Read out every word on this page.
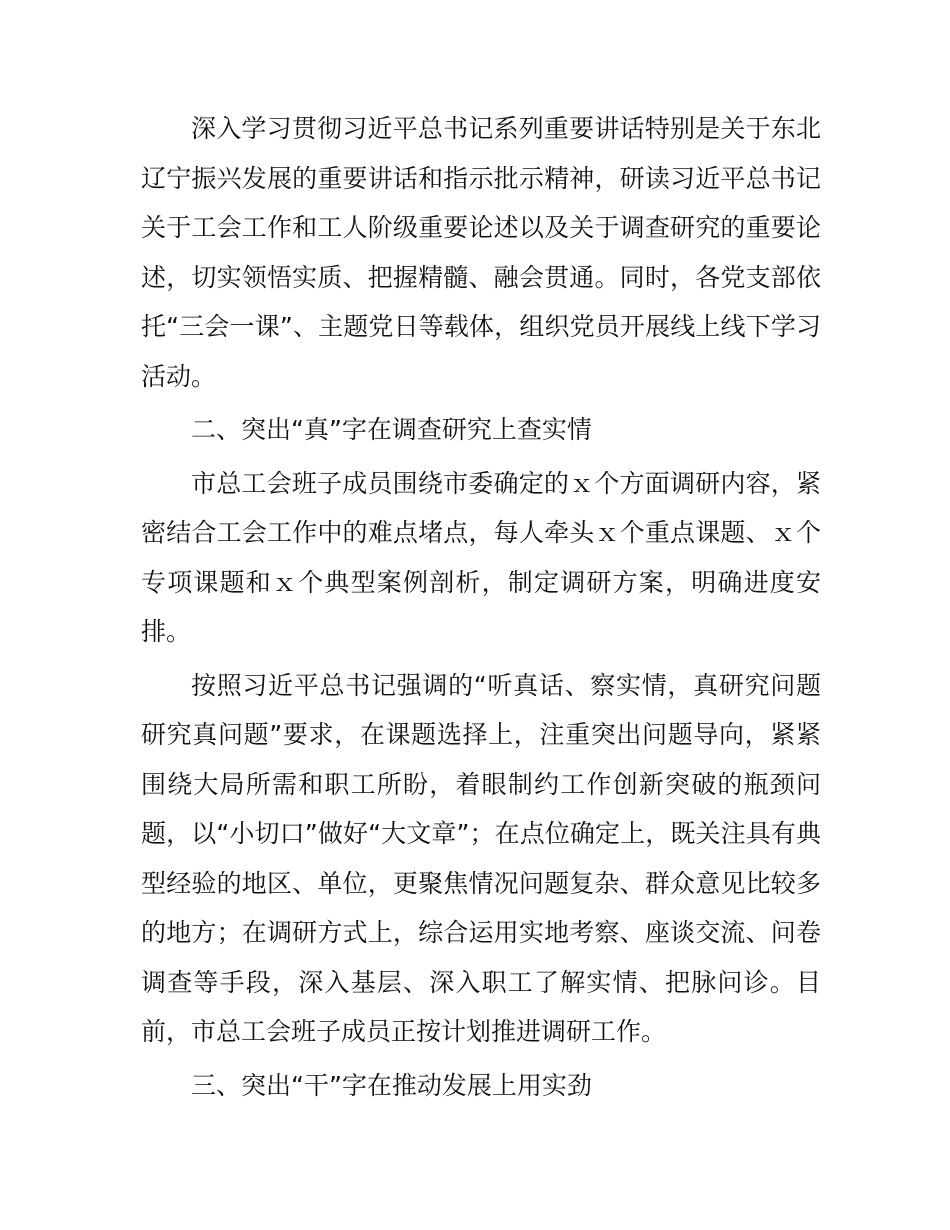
深入学习贯彻习近平总书记系列重要讲话特别是关于东北辽宁振兴发展的重要讲话和指示批示精神，研读习近平总书记关于工会工作和工人阶级重要论述以及关于调查研究的重要论述，切实领悟实质、把握精髓、融会贯通。同时，各党支部依托“三会一课”、主题党日等载体，组织党员开展线上线下学习活动。

二、突出“真”字在调查研究上查实情

市总工会班子成员围绕市委确定的ｘ个方面调研内容，紧密结合工会工作中的难点堵点，每人牵头ｘ个重点课题、ｘ个专项课题和ｘ个典型案例剖析，制定调研方案，明确进度安排。

按照习近平总书记强调的“听真话、察实情，真研究问题研究真问题”要求，在课题选择上，注重突出问题导向，紧紧围绕大局所需和职工所盼，着眼制约工作创新突破的瓶颈问题，以“小切口”做好“大文章”；在点位确定上，既关注具有典型经验的地区、单位，更聚焦情况问题复杂、群众意见比较多的地方；在调研方式上，综合运用实地考察、座谈交流、问卷调查等手段，深入基层、深入职工了解实情、把脉问诊。目前，市总工会班子成员正按计划推进调研工作。

三、突出“干”字在推动发展上用实劲
